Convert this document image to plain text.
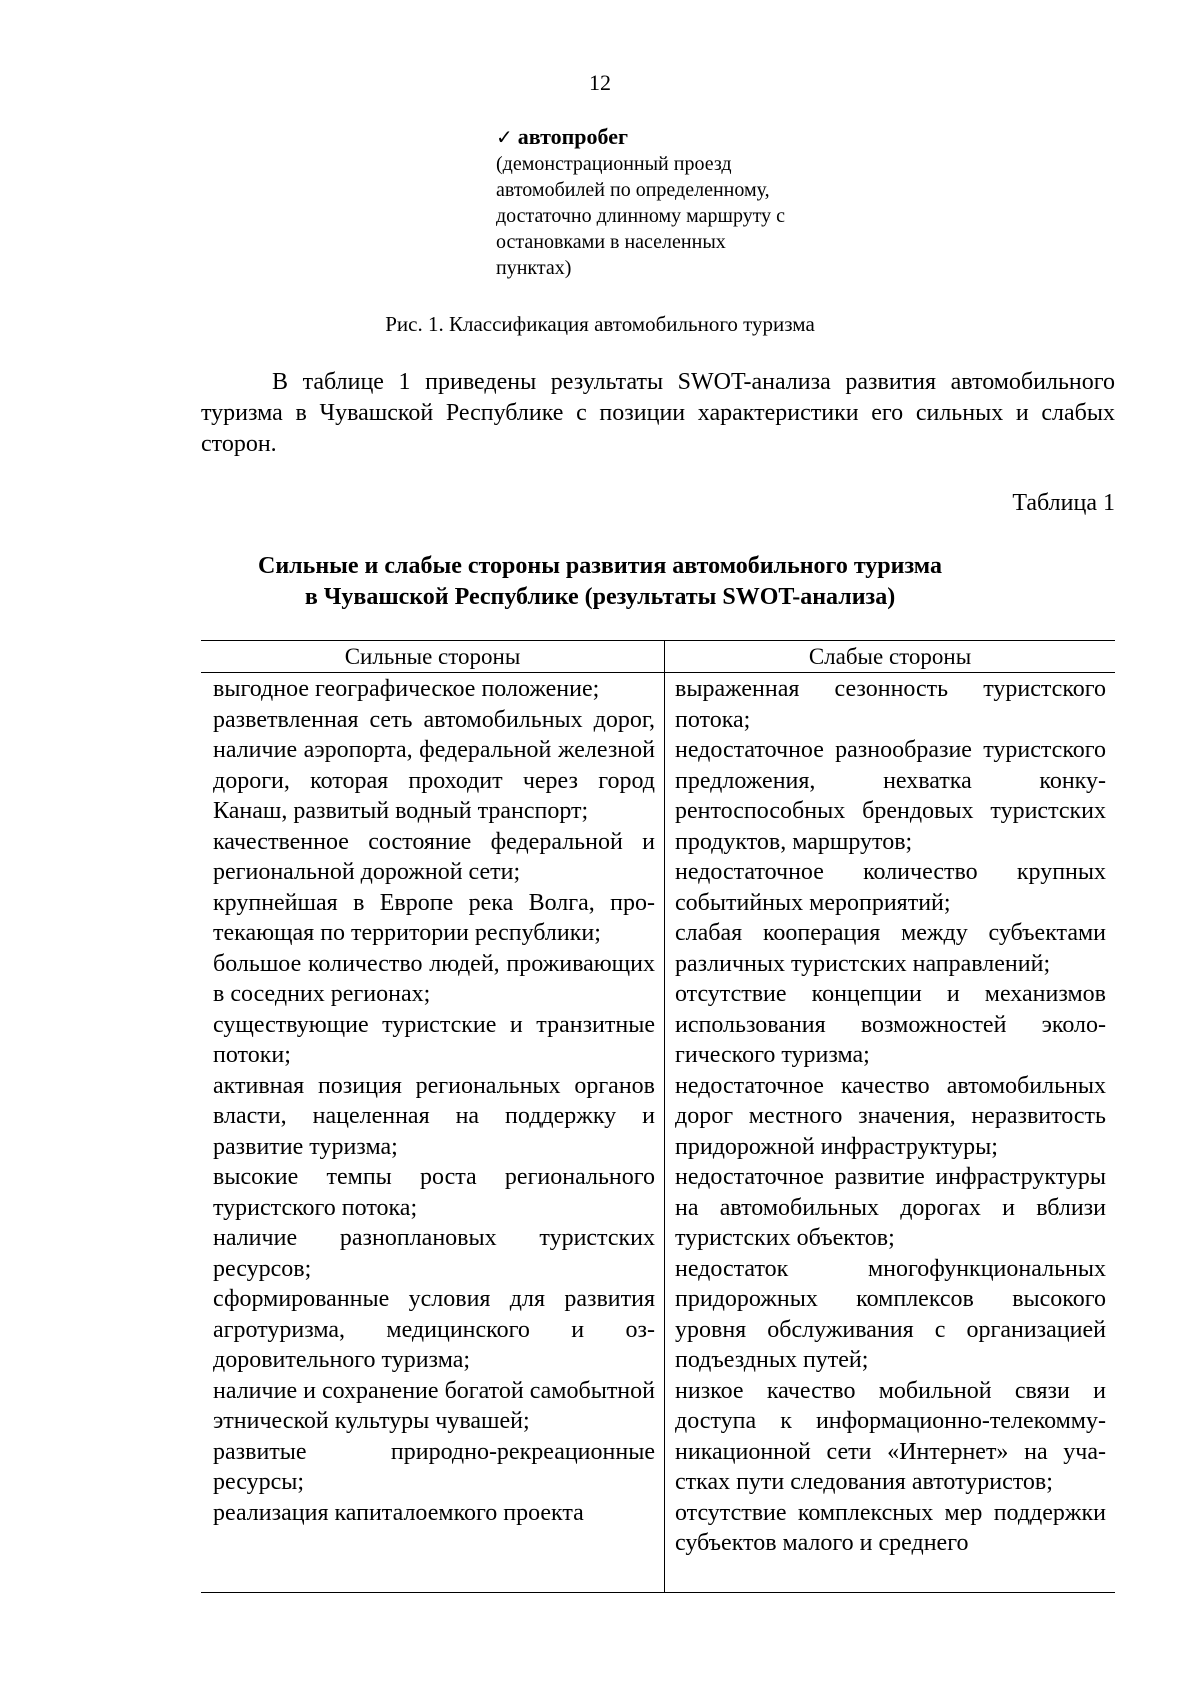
12
✓ автопробег
(демонстрационный проезд автомобилей по определенному, достаточно длинному маршруту с остановками в населенных пунктах)
Рис. 1. Классификация автомобильного туризма

В таблице 1 приведены результаты SWOT-анализа развития автомобильного туризма в Чувашской Республике с позиции характеристики его сильных и слабых сторон.

Таблица 1
Сильные и слабые стороны развития автомобильного туризма
в Чувашской Республике (результаты SWOT-анализа)
Сильные стороны	Слабые стороны
выгодное географическое положение;
разветвленная сеть автомобильных дорог, наличие аэропорта, федеральной железной дороги, которая проходит через город Канаш, развитый водный транспорт;
качественное состояние федеральной и региональной дорожной сети;
крупнейшая в Европе река Волга, протекающая по территории республики;
большое количество людей, проживающих в соседних регионах;
существующие туристские и транзитные потоки;
активная позиция региональных органов власти, нацеленная на поддержку и развитие туризма;
высокие темпы роста регионального туристского потока;
наличие разноплановых туристских ресурсов;
сформированные условия для развития агротуризма, медицинского и оздоровительного туризма;
наличие и сохранение богатой самобытной этнической культуры чувашей;
развитые природно-рекреационные ресурсы;
реализация капиталоемкого проекта
выраженная сезонность туристского потока;
недостаточное разнообразие туристского предложения, нехватка конкурентоспособных брендовых туристских продуктов, маршрутов;
недостаточное количество крупных событийных мероприятий;
слабая кооперация между субъектами различных туристских направлений;
отсутствие концепции и механизмов использования возможностей экологического туризма;
недостаточное качество автомобильных дорог местного значения, неразвитость придорожной инфраструктуры;
недостаточное развитие инфраструктуры на автомобильных дорогах и вблизи туристских объектов;
недостаток многофункциональных придорожных комплексов высокого уровня обслуживания с организацией подъездных путей;
низкое качество мобильной связи и доступа к информационно-телекоммуникационной сети «Интернет» на участках пути следования автотуристов;
отсутствие комплексных мер поддержки субъектов малого и среднего
